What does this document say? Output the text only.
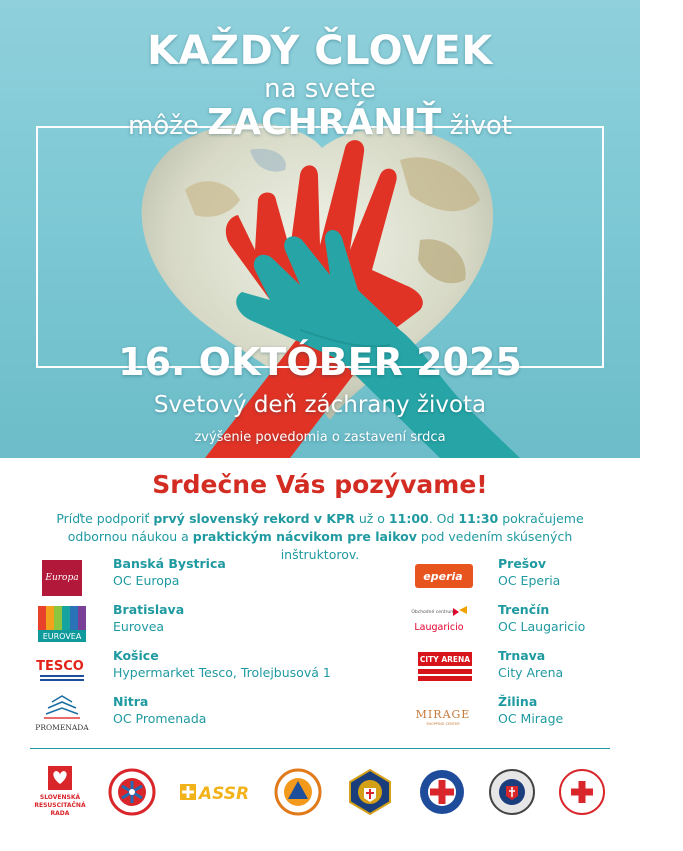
KAŽDÝ ČLOVEK
na svete
môže ZACHRÁNIŤ život
16. OKTÓBER 2025
Svetový deň záchrany života
zvýšenie povedomia o zastavení srdca
Srdečne Vás pozývame!
Príďte podporiť prvý slovenský rekord v KPR už o 11:00. Od 11:30 pokračujeme odbornou náukou a praktickým nácvikom pre laikov pod vedením skúsených inštruktorov.
Europa
Banská Bystrica
OC Europa
EUROVEA
Bratislava
Eurovea
TESCO
Košice
Hypermarket Tesco, Trolejbusová 1
PROMENADA
Nitra
OC Promenada
eperia
Prešov
OC Eperia
Obchodné centrum
Laugaricio
Trenčín
OC Laugaricio
CITY ARENA Trnava
City Arena
MIRAGE
SHOPPING CENTER
Žilina
OC Mirage
SLOVENSKÁ
RESUSCITAČNÁ
RADA
ASSR
